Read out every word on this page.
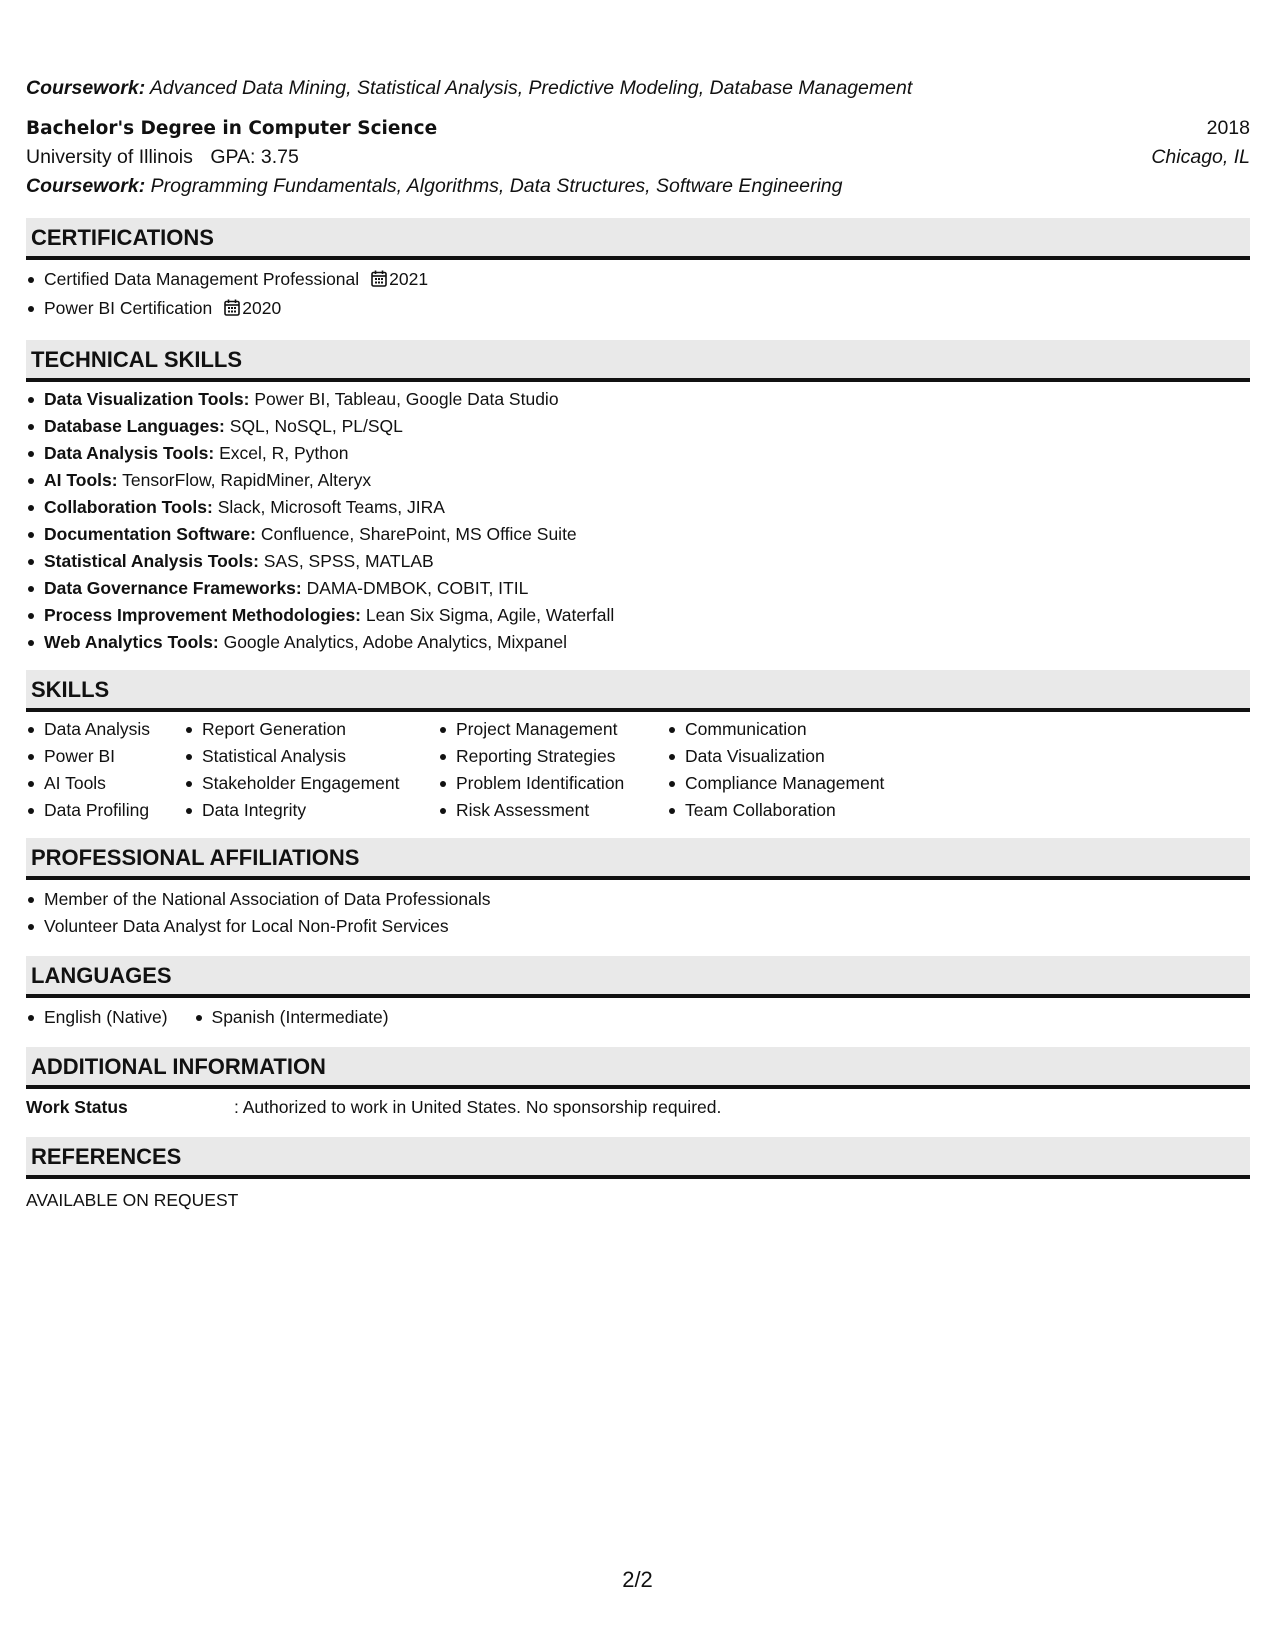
Coursework: Advanced Data Mining, Statistical Analysis, Predictive Modeling, Database Management
Bachelor's Degree in Computer Science	2018
University of Illinois GPA: 3.75	Chicago, IL
Coursework: Programming Fundamentals, Algorithms, Data Structures, Software Engineering
CERTIFICATIONS
Certified Data Management Professional 2021
Power BI Certification 2020
TECHNICAL SKILLS
Data Visualization Tools: Power BI, Tableau, Google Data Studio
Database Languages: SQL, NoSQL, PL/SQL
Data Analysis Tools: Excel, R, Python
AI Tools: TensorFlow, RapidMiner, Alteryx
Collaboration Tools: Slack, Microsoft Teams, JIRA
Documentation Software: Confluence, SharePoint, MS Office Suite
Statistical Analysis Tools: SAS, SPSS, MATLAB
Data Governance Frameworks: DAMA-DMBOK, COBIT, ITIL
Process Improvement Methodologies: Lean Six Sigma, Agile, Waterfall
Web Analytics Tools: Google Analytics, Adobe Analytics, Mixpanel
SKILLS
Data Analysis
Power BI
AI Tools
Data Profiling
Report Generation
Statistical Analysis
Stakeholder Engagement
Data Integrity
Project Management
Reporting Strategies
Problem Identification
Risk Assessment
Communication
Data Visualization
Compliance Management
Team Collaboration
PROFESSIONAL AFFILIATIONS
Member of the National Association of Data Professionals
Volunteer Data Analyst for Local Non-Profit Services
LANGUAGES
English (Native)	Spanish (Intermediate)
ADDITIONAL INFORMATION
Work Status	: Authorized to work in United States. No sponsorship required.
REFERENCES
AVAILABLE ON REQUEST
2/2
